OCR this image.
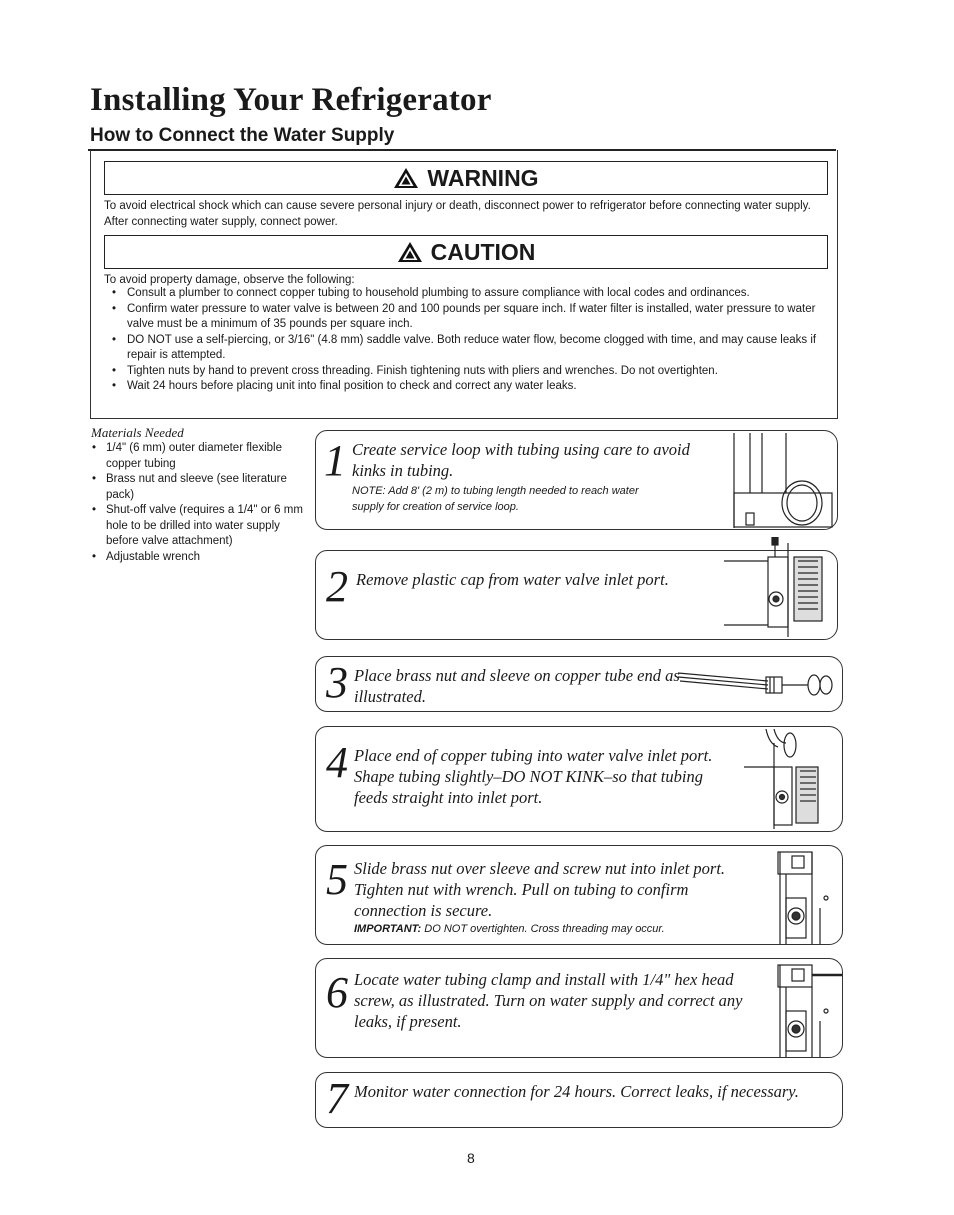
Installing Your Refrigerator
How to Connect the Water Supply
WARNING
To avoid electrical shock which can cause severe personal injury or death, disconnect power to refrigerator before connecting water supply. After connecting water supply, connect power.
CAUTION
To avoid property damage, observe the following:
• Consult a plumber to connect copper tubing to household plumbing to assure compliance with local codes and ordinances.
• Confirm water pressure to water valve is between 20 and 100 pounds per square inch. If water filter is installed, water pressure to water valve must be a minimum of 35 pounds per square inch.
• DO NOT use a self-piercing, or 3/16" (4.8 mm) saddle valve. Both reduce water flow, become clogged with time, and may cause leaks if repair is attempted.
• Tighten nuts by hand to prevent cross threading. Finish tightening nuts with pliers and wrenches. Do not overtighten.
• Wait 24 hours before placing unit into final position to check and correct any water leaks.
Materials Needed
• 1/4" (6 mm) outer diameter flexible copper tubing
• Brass nut and sleeve (see literature pack)
• Shut-off valve (requires a 1/4" or 6 mm hole to be drilled into water supply before valve attachment)
• Adjustable wrench
1 Create service loop with tubing using care to avoid kinks in tubing.
NOTE: Add 8' (2 m) to tubing length needed to reach water supply for creation of service loop.
2 Remove plastic cap from water valve inlet port.
3 Place brass nut and sleeve on copper tube end as illustrated.
4 Place end of copper tubing into water valve inlet port. Shape tubing slightly–DO NOT KINK–so that tubing feeds straight into inlet port.
5 Slide brass nut over sleeve and screw nut into inlet port. Tighten nut with wrench. Pull on tubing to confirm connection is secure.
IMPORTANT: DO NOT overtighten. Cross threading may occur.
6 Locate water tubing clamp and install with 1/4" hex head screw, as illustrated. Turn on water supply and correct any leaks, if present.
7 Monitor water connection for 24 hours. Correct leaks, if necessary.
8
